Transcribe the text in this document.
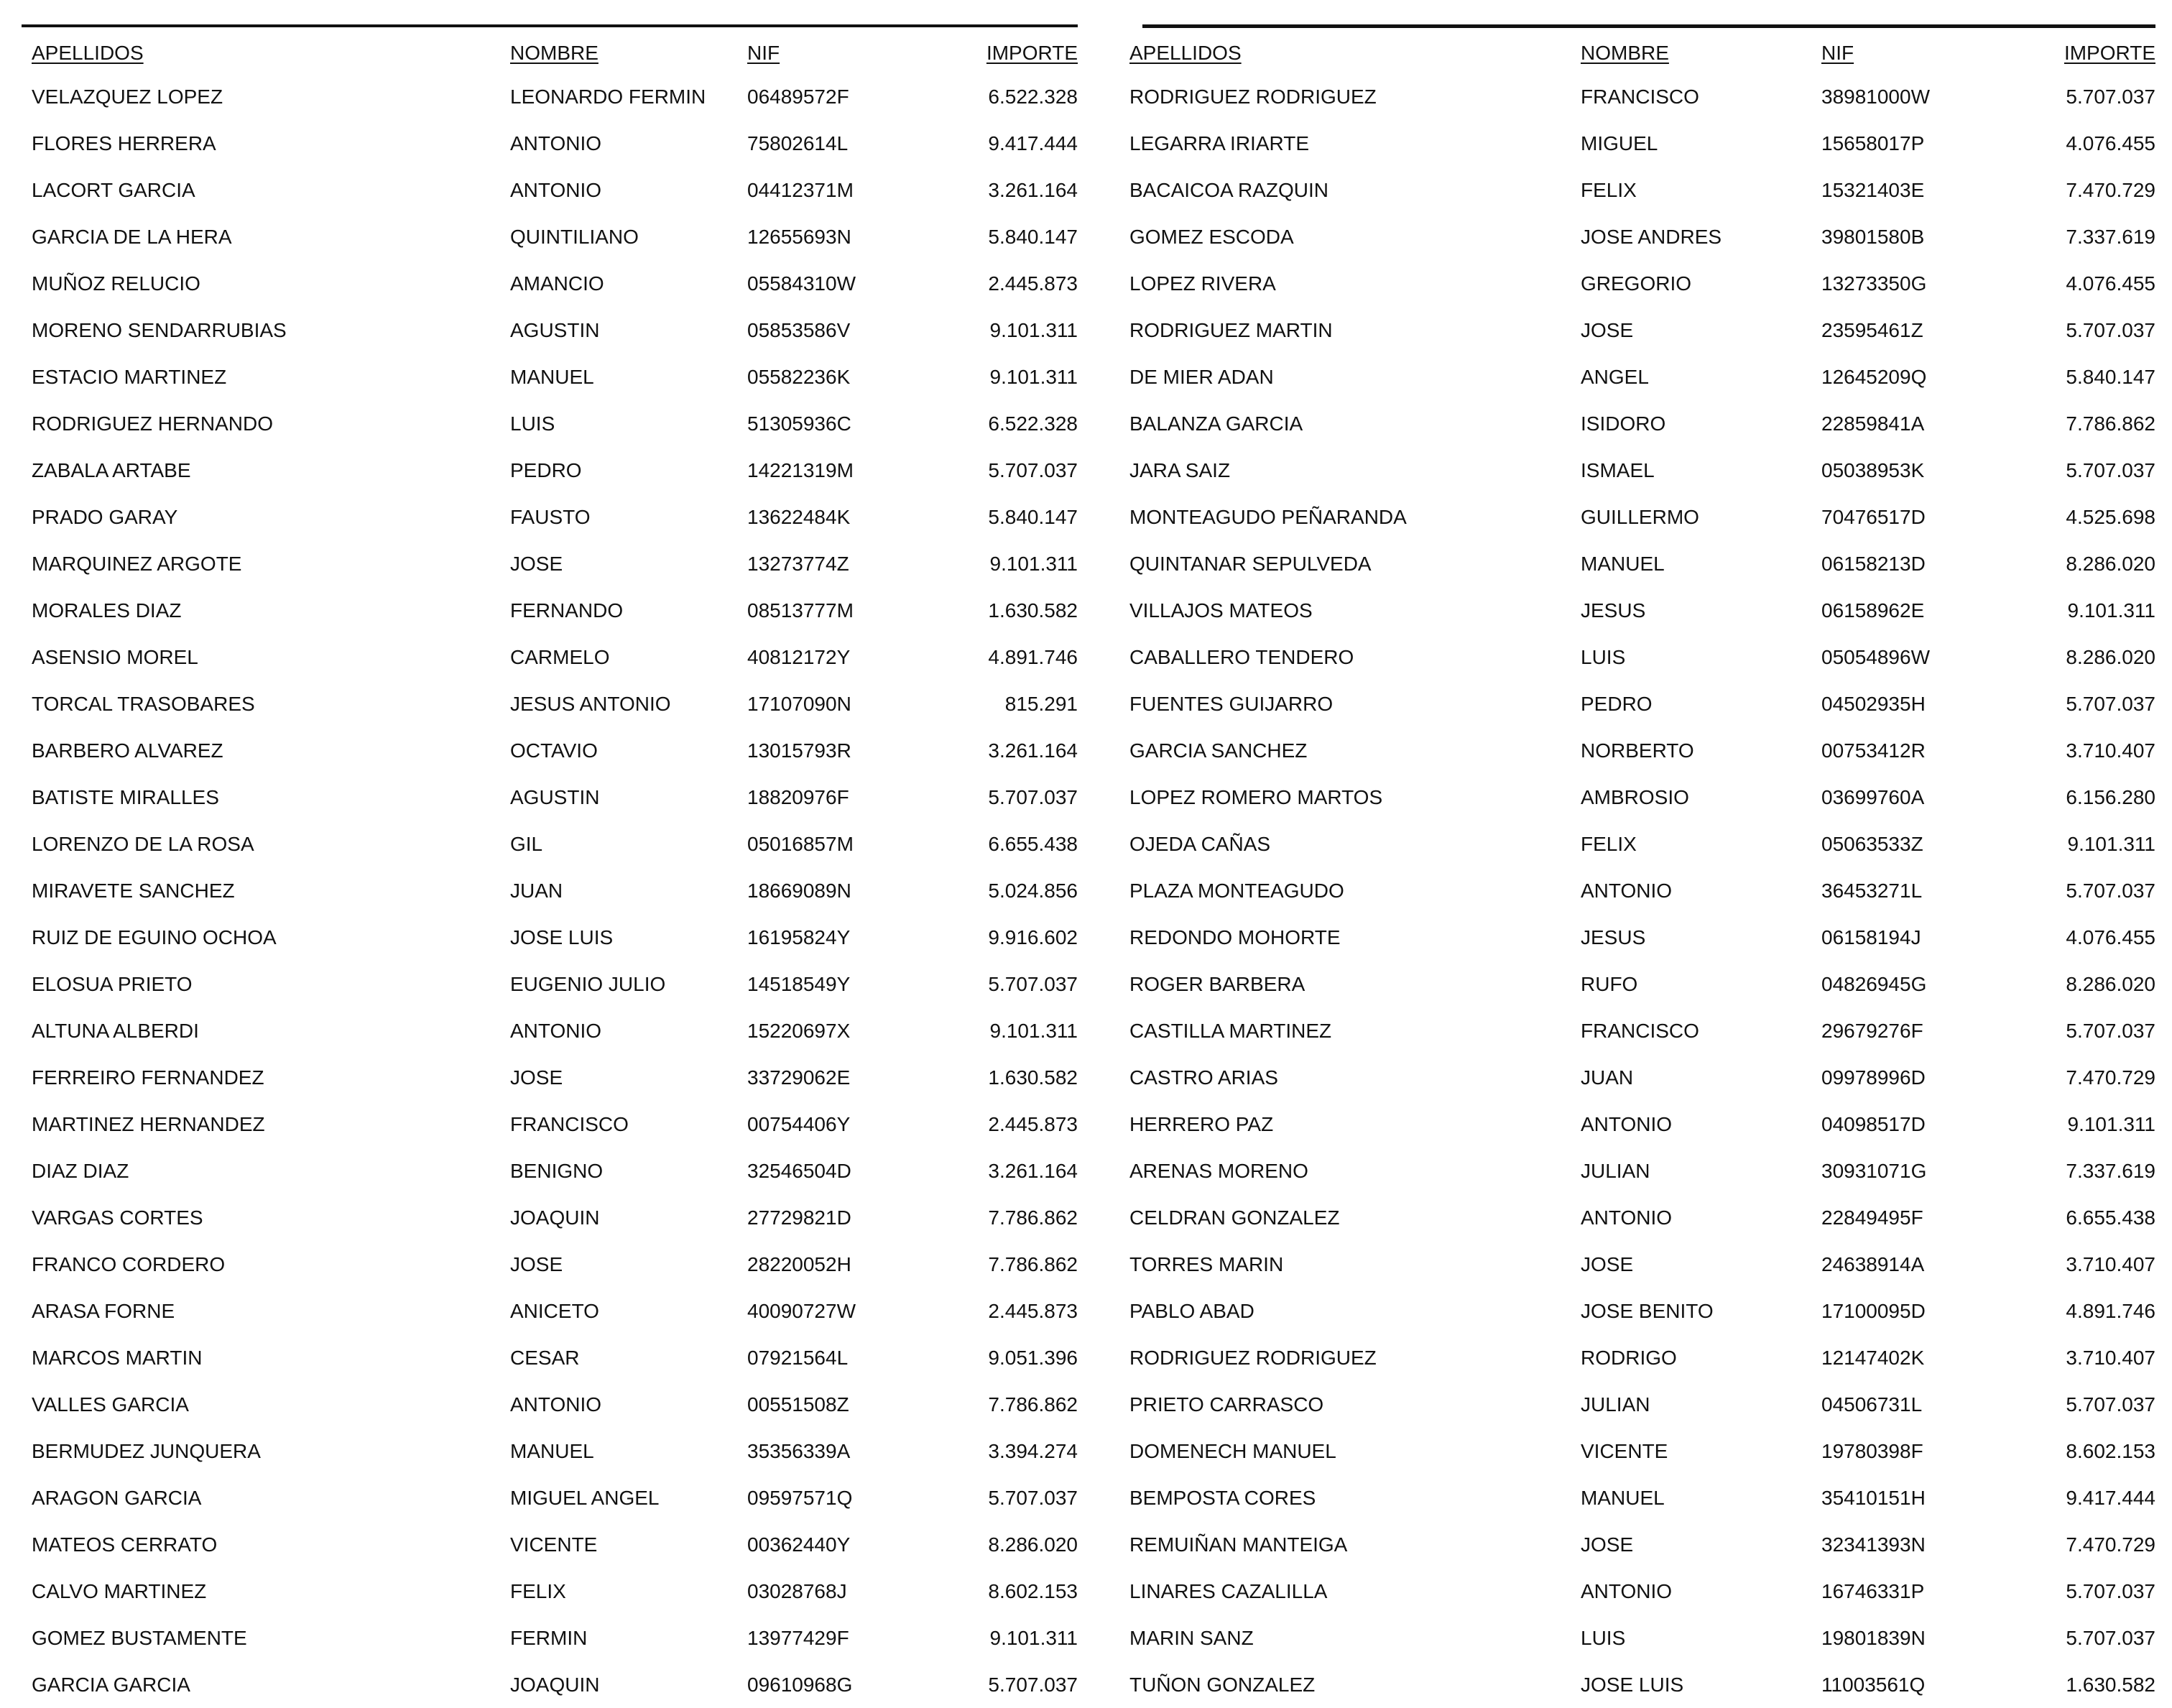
APELLIDOS	NOMBRE	NIF	IMPORTE
VELAZQUEZ LOPEZ	LEONARDO FERMIN	06489572F	6.522.328
FLORES HERRERA	ANTONIO	75802614L	9.417.444
LACORT GARCIA	ANTONIO	04412371M	3.261.164
GARCIA DE LA HERA	QUINTILIANO	12655693N	5.840.147
MUÑOZ RELUCIO	AMANCIO	05584310W	2.445.873
MORENO SENDARRUBIAS	AGUSTIN	05853586V	9.101.311
ESTACIO MARTINEZ	MANUEL	05582236K	9.101.311
RODRIGUEZ HERNANDO	LUIS	51305936C	6.522.328
ZABALA ARTABE	PEDRO	14221319M	5.707.037
PRADO GARAY	FAUSTO	13622484K	5.840.147
MARQUINEZ ARGOTE	JOSE	13273774Z	9.101.311
MORALES DIAZ	FERNANDO	08513777M	1.630.582
ASENSIO MOREL	CARMELO	40812172Y	4.891.746
TORCAL TRASOBARES	JESUS ANTONIO	17107090N	815.291
BARBERO ALVAREZ	OCTAVIO	13015793R	3.261.164
BATISTE MIRALLES	AGUSTIN	18820976F	5.707.037
LORENZO DE LA ROSA	GIL	05016857M	6.655.438
MIRAVETE SANCHEZ	JUAN	18669089N	5.024.856
RUIZ DE EGUINO OCHOA	JOSE LUIS	16195824Y	9.916.602
ELOSUA PRIETO	EUGENIO JULIO	14518549Y	5.707.037
ALTUNA ALBERDI	ANTONIO	15220697X	9.101.311
FERREIRO FERNANDEZ	JOSE	33729062E	1.630.582
MARTINEZ HERNANDEZ	FRANCISCO	00754406Y	2.445.873
DIAZ DIAZ	BENIGNO	32546504D	3.261.164
VARGAS CORTES	JOAQUIN	27729821D	7.786.862
FRANCO CORDERO	JOSE	28220052H	7.786.862
ARASA FORNE	ANICETO	40090727W	2.445.873
MARCOS MARTIN	CESAR	07921564L	9.051.396
VALLES GARCIA	ANTONIO	00551508Z	7.786.862
BERMUDEZ JUNQUERA	MANUEL	35356339A	3.394.274
ARAGON GARCIA	MIGUEL ANGEL	09597571Q	5.707.037
MATEOS CERRATO	VICENTE	00362440Y	8.286.020
CALVO MARTINEZ	FELIX	03028768J	8.602.153
GOMEZ BUSTAMENTE	FERMIN	13977429F	9.101.311
GARCIA GARCIA	JOAQUIN	09610968G	5.707.037
APELLIDOS	NOMBRE	NIF	IMPORTE
RODRIGUEZ RODRIGUEZ	FRANCISCO	38981000W	5.707.037
LEGARRA IRIARTE	MIGUEL	15658017P	4.076.455
BACAICOA RAZQUIN	FELIX	15321403E	7.470.729
GOMEZ ESCODA	JOSE ANDRES	39801580B	7.337.619
LOPEZ RIVERA	GREGORIO	13273350G	4.076.455
RODRIGUEZ MARTIN	JOSE	23595461Z	5.707.037
DE MIER ADAN	ANGEL	12645209Q	5.840.147
BALANZA GARCIA	ISIDORO	22859841A	7.786.862
JARA SAIZ	ISMAEL	05038953K	5.707.037
MONTEAGUDO PEÑARANDA	GUILLERMO	70476517D	4.525.698
QUINTANAR SEPULVEDA	MANUEL	06158213D	8.286.020
VILLAJOS MATEOS	JESUS	06158962E	9.101.311
CABALLERO TENDERO	LUIS	05054896W	8.286.020
FUENTES GUIJARRO	PEDRO	04502935H	5.707.037
GARCIA SANCHEZ	NORBERTO	00753412R	3.710.407
LOPEZ ROMERO MARTOS	AMBROSIO	03699760A	6.156.280
OJEDA CAÑAS	FELIX	05063533Z	9.101.311
PLAZA MONTEAGUDO	ANTONIO	36453271L	5.707.037
REDONDO MOHORTE	JESUS	06158194J	4.076.455
ROGER BARBERA	RUFO	04826945G	8.286.020
CASTILLA MARTINEZ	FRANCISCO	29679276F	5.707.037
CASTRO ARIAS	JUAN	09978996D	7.470.729
HERRERO PAZ	ANTONIO	04098517D	9.101.311
ARENAS MORENO	JULIAN	30931071G	7.337.619
CELDRAN GONZALEZ	ANTONIO	22849495F	6.655.438
TORRES MARIN	JOSE	24638914A	3.710.407
PABLO ABAD	JOSE BENITO	17100095D	4.891.746
RODRIGUEZ RODRIGUEZ	RODRIGO	12147402K	3.710.407
PRIETO CARRASCO	JULIAN	04506731L	5.707.037
DOMENECH MANUEL	VICENTE	19780398F	8.602.153
BEMPOSTA CORES	MANUEL	35410151H	9.417.444
REMUIÑAN MANTEIGA	JOSE	32341393N	7.470.729
LINARES CAZALILLA	ANTONIO	16746331P	5.707.037
MARIN SANZ	LUIS	19801839N	5.707.037
TUÑON GONZALEZ	JOSE LUIS	11003561Q	1.630.582
